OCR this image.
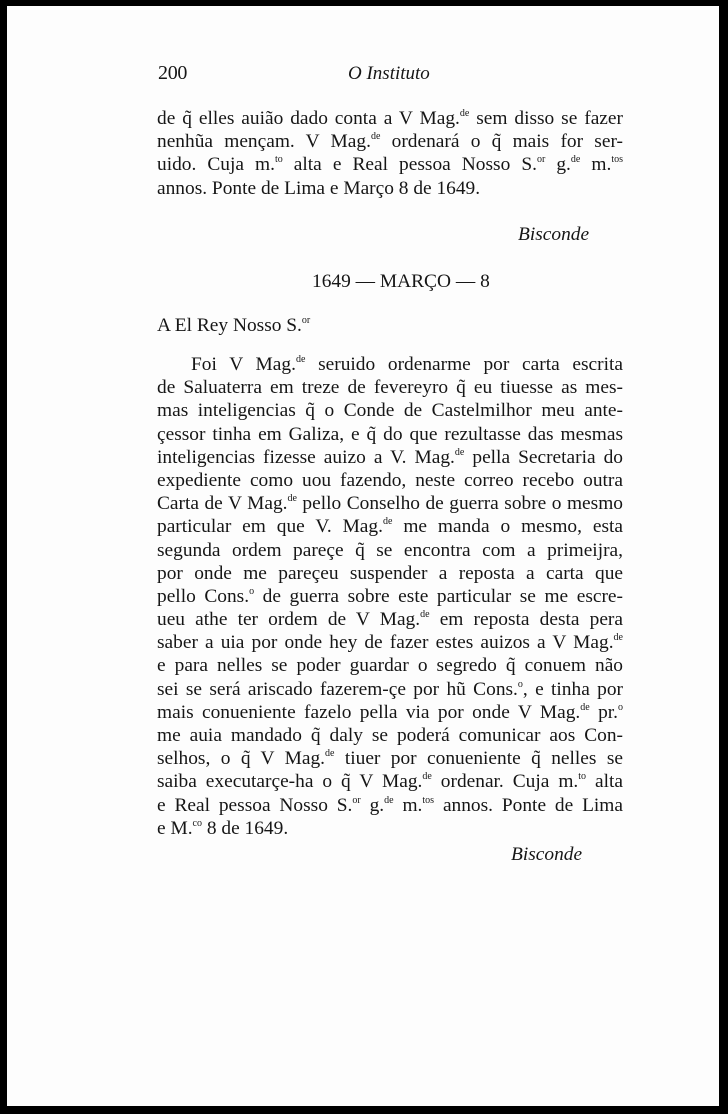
200	O Instituto
de q̃ elles auião dado conta a V Mag.$^{de}$ sem disso se fazer
nenhũa mençam. V Mag.$^{de}$ ordenará o q̃ mais for ser-
uido. Cuja m.$^{to}$ alta e Real pessoa Nosso S.$^{or}$ g.$^{de}$ m.$^{tos}$
annos. Ponte de Lima e Março 8 de 1649.
Bisconde
1649 — MARÇO — 8
A El Rey Nosso S.$^{or}$
Foi V Mag.$^{de}$ seruido ordenarme por carta escrita
de Saluaterra em treze de fevereyro q̃ eu tiuesse as mes-
mas inteligencias q̃ o Conde de Castelmilhor meu ante-
çessor tinha em Galiza, e q̃ do que rezultasse das mesmas
inteligencias fizesse auizo a V. Mag.$^{de}$ pella Secretaria do
expediente como uou fazendo, neste correo recebo outra
Carta de V Mag.$^{de}$ pello Conselho de guerra sobre o mesmo
particular em que V. Mag.$^{de}$ me manda o mesmo, esta
segunda ordem pareçe q̃ se encontra com a primeijra,
por onde me pareçeu suspender a reposta a carta que
pello Cons.$^o$ de guerra sobre este particular se me escre-
ueu athe ter ordem de V Mag.$^{de}$ em reposta desta pera
saber a uia por onde hey de fazer estes auizos a V Mag.$^{de}$
e para nelles se poder guardar o segredo q̃ conuem não
sei se será ariscado fazerem-çe por hũ Cons.$^o$, e tinha por
mais conueniente fazelo pella via por onde V Mag.$^{de}$ pr.$^o$
me auia mandado q̃ daly se poderá comunicar aos Con-
selhos, o q̃ V Mag.$^{de}$ tiuer por conueniente q̃ nelles se
saiba executarçe-ha o q̃ V Mag.$^{de}$ ordenar. Cuja m.$^{to}$ alta
e Real pessoa Nosso S.$^{or}$ g.$^{de}$ m.$^{tos}$ annos. Ponte de Lima
e M.$^{co}$ 8 de 1649.
Bisconde
